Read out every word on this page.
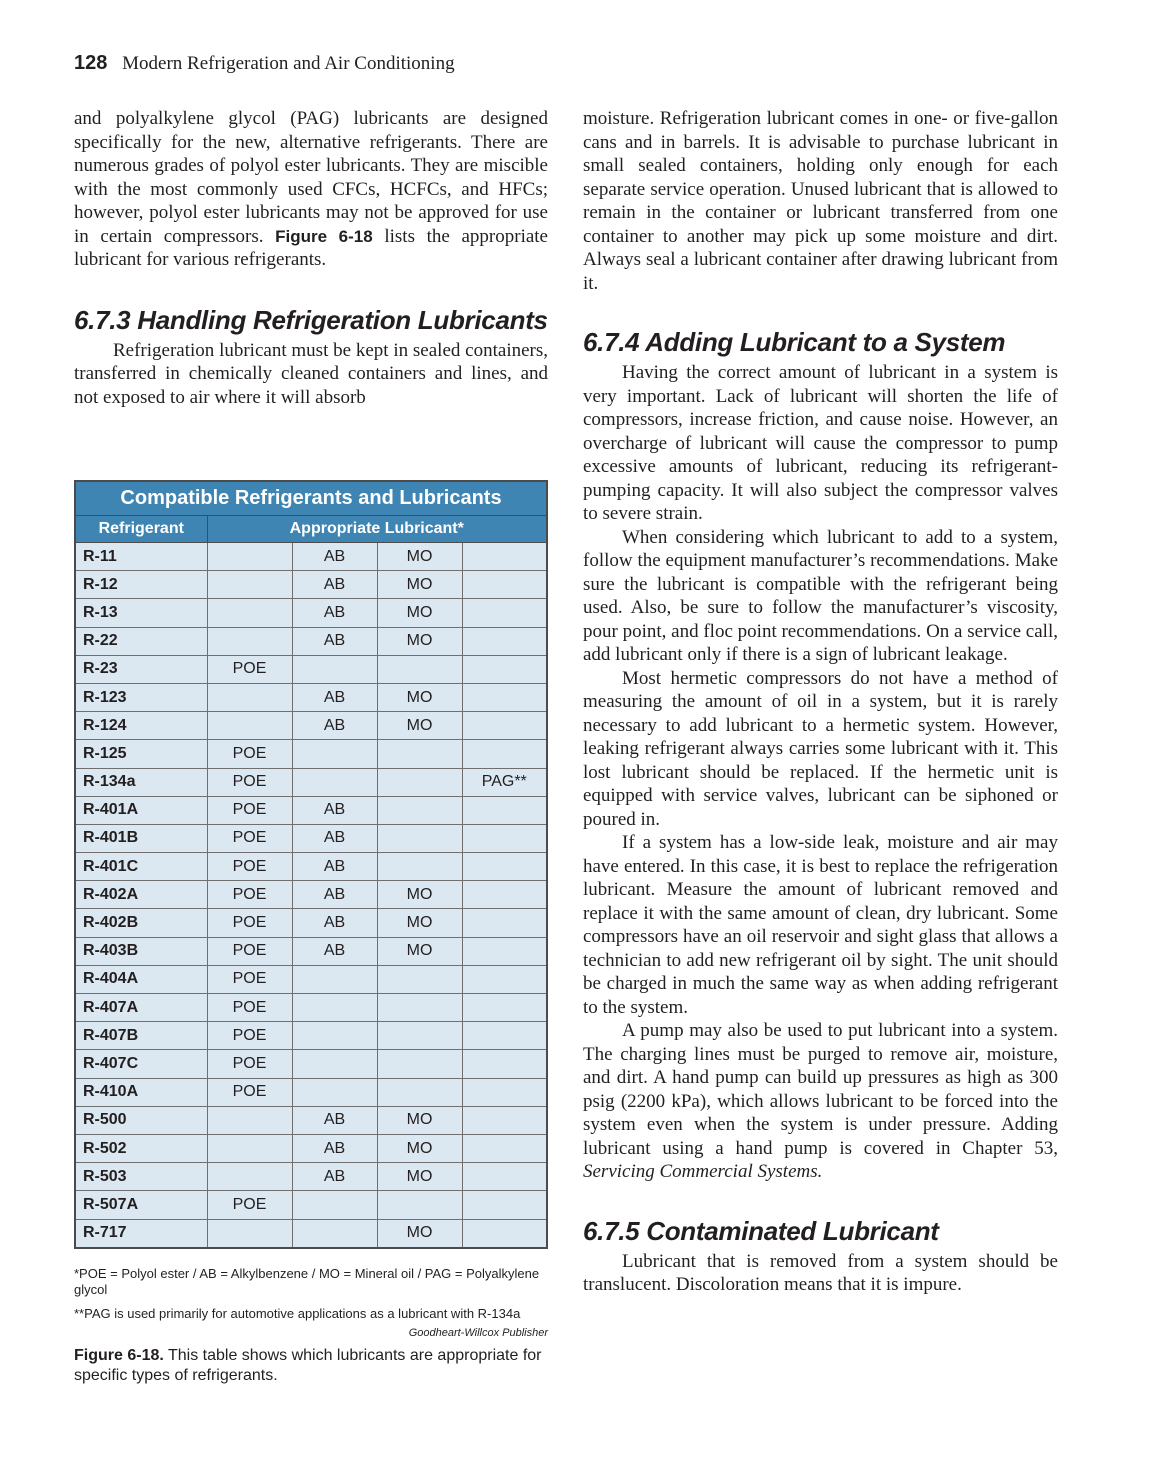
128 Modern Refrigeration and Air Conditioning

and polyalkylene glycol (PAG) lubricants are designed specifically for the new, alternative refrigerants. There are numerous grades of polyol ester lubricants. They are miscible with the most commonly used CFCs, HCFCs, and HFCs; however, polyol ester lubricants may not be approved for use in certain compressors. Figure 6-18 lists the appropriate lubricant for various refrigerants.

6.7.3 Handling Refrigeration Lubricants

Refrigeration lubricant must be kept in sealed containers, transferred in chemically cleaned containers and lines, and not exposed to air where it will absorb

Compatible Refrigerants and Lubricants				
Refrigerant	Appropriate Lubricant*			
R-11		AB	MO	
R-12		AB	MO	
R-13		AB	MO	
R-22		AB	MO	
R-23	POE			
R-123		AB	MO	
R-124		AB	MO	
R-125	POE			
R-134a	POE			PAG**
R-401A	POE	AB		
R-401B	POE	AB		
R-401C	POE	AB		
R-402A	POE	AB	MO	
R-402B	POE	AB	MO	
R-403B	POE	AB	MO	
R-404A	POE			
R-407A	POE			
R-407B	POE			
R-407C	POE			
R-410A	POE			
R-500		AB	MO	
R-502		AB	MO	
R-503		AB	MO	
R-507A	POE			
R-717			MO	
*POE = Polyol ester / AB = Alkylbenzene / MO = Mineral oil / PAG = Polyalkylene glycol
**PAG is used primarily for automotive applications as a lubricant with R-134a
Goodheart-Willcox Publisher
Figure 6-18. This table shows which lubricants are appropriate for specific types of refrigerants.

moisture. Refrigeration lubricant comes in one- or five-gallon cans and in barrels. It is advisable to purchase lubricant in small sealed containers, holding only enough for each separate service operation. Unused lubricant that is allowed to remain in the container or lubricant transferred from one container to another may pick up some moisture and dirt. Always seal a lubricant container after drawing lubricant from it.

6.7.4 Adding Lubricant to a System

Having the correct amount of lubricant in a system is very important. Lack of lubricant will shorten the life of compressors, increase friction, and cause noise. However, an overcharge of lubricant will cause the compressor to pump excessive amounts of lubricant, reducing its refrigerant-pumping capacity. It will also subject the compressor valves to severe strain.

When considering which lubricant to add to a system, follow the equipment manufacturer’s recommendations. Make sure the lubricant is compatible with the refrigerant being used. Also, be sure to follow the manufacturer’s viscosity, pour point, and floc point recommendations. On a service call, add lubricant only if there is a sign of lubricant leakage.

Most hermetic compressors do not have a method of measuring the amount of oil in a system, but it is rarely necessary to add lubricant to a hermetic system. However, leaking refrigerant always carries some lubricant with it. This lost lubricant should be replaced. If the hermetic unit is equipped with service valves, lubricant can be siphoned or poured in.

If a system has a low-side leak, moisture and air may have entered. In this case, it is best to replace the refrigeration lubricant. Measure the amount of lubricant removed and replace it with the same amount of clean, dry lubricant. Some compressors have an oil reservoir and sight glass that allows a technician to add new refrigerant oil by sight. The unit should be charged in much the same way as when adding refrigerant to the system.

A pump may also be used to put lubricant into a system. The charging lines must be purged to remove air, moisture, and dirt. A hand pump can build up pressures as high as 300 psig (2200 kPa), which allows lubricant to be forced into the system even when the system is under pressure. Adding lubricant using a hand pump is covered in Chapter 53, Servicing Commercial Systems.

6.7.5 Contaminated Lubricant

Lubricant that is removed from a system should be translucent. Discoloration means that it is impure.
